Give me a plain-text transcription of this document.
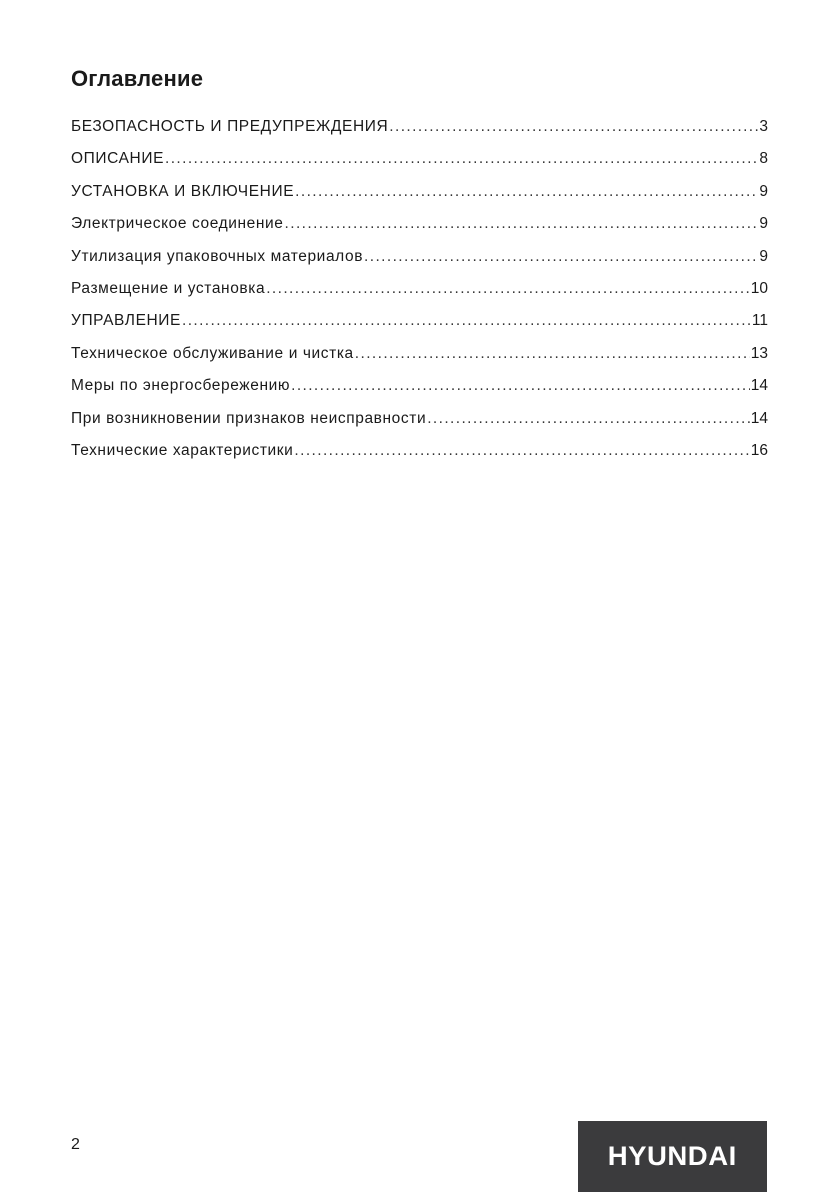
Оглавление
БЕЗОПАСНОСТЬ И ПРЕДУПРЕЖДЕНИЯ .....	3
ОПИСАНИЕ .....	8
УСТАНОВКА И ВКЛЮЧЕНИЕ .....	9
Электрическое соединение .....	9
Утилизация упаковочных материалов .....	9
Размещение и установка .....	10
УПРАВЛЕНИЕ .....	11
Техническое обслуживание и чистка .....	13
Меры по энергосбережению .....	14
При возникновении признаков неисправности .....	14
Технические характеристики .....	16
2	HYUNDAI
